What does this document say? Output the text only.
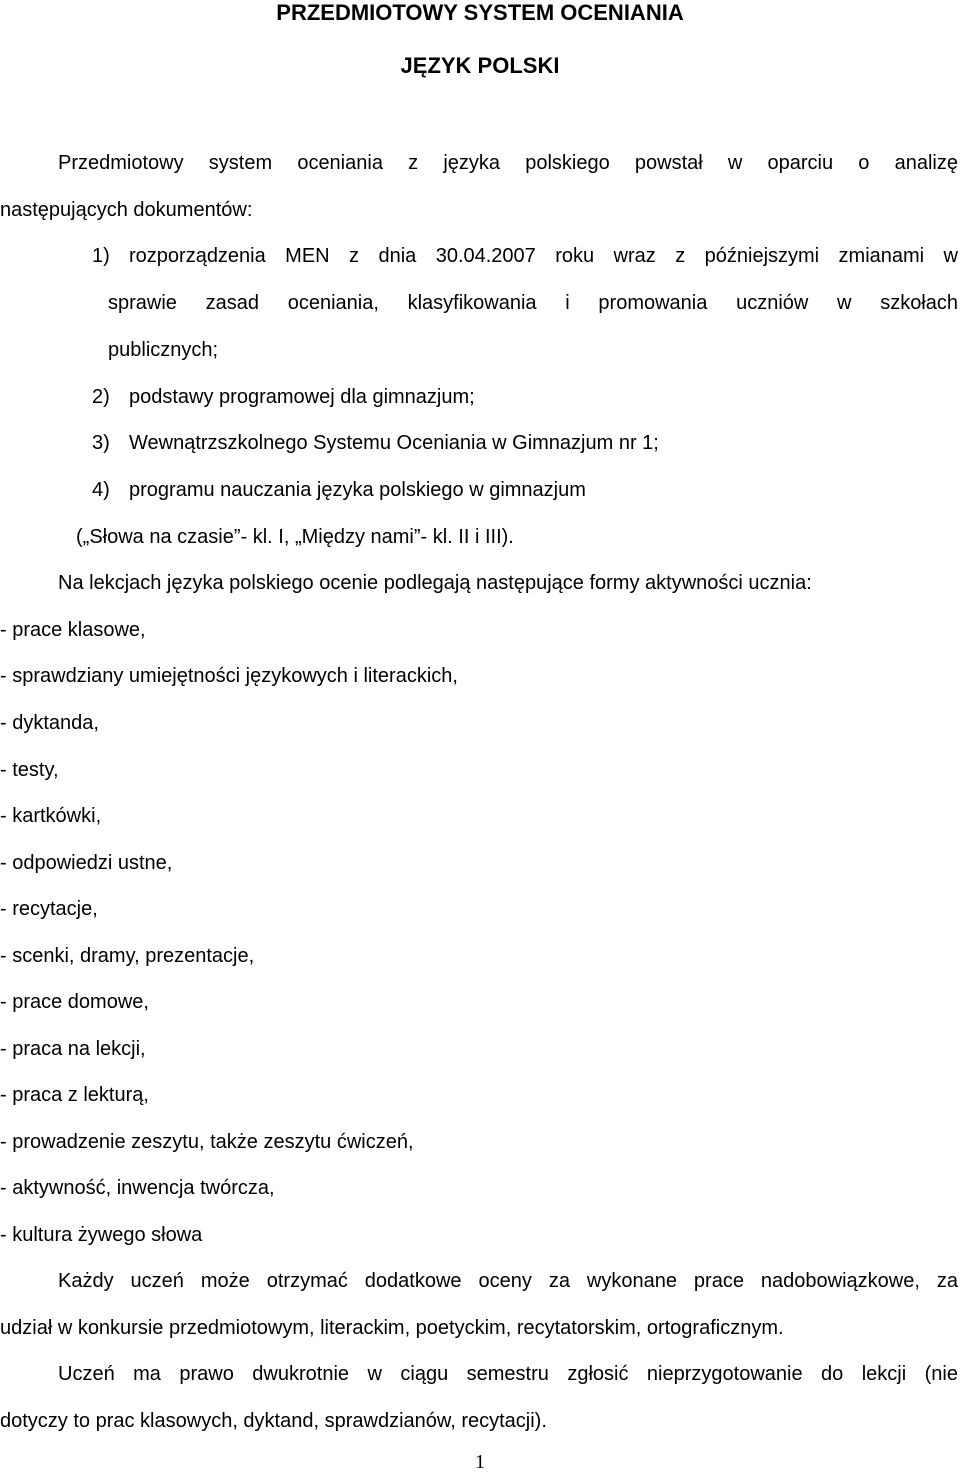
PRZEDMIOTOWY SYSTEM OCENIANIA
JĘZYK POLSKI
Przedmiotowy system oceniania z języka polskiego powstał w oparciu o analizę
następujących dokumentów:
1) rozporządzenia MEN z dnia 30.04.2007 roku wraz z późniejszymi zmianami w
sprawie zasad oceniania, klasyfikowania i promowania uczniów w szkołach
publicznych;
2) podstawy programowej dla gimnazjum;
3) Wewnątrzszkolnego Systemu Oceniania w Gimnazjum nr 1;
4) programu nauczania języka polskiego w gimnazjum
(„Słowa na czasie”- kl. I, „Między nami”- kl. II i III).
Na lekcjach języka polskiego ocenie podlegają następujące formy aktywności ucznia:
- prace klasowe,
- sprawdziany umiejętności językowych i literackich,
- dyktanda,
- testy,
- kartkówki,
- odpowiedzi ustne,
- recytacje,
- scenki, dramy, prezentacje,
- prace domowe,
- praca na lekcji,
- praca z lekturą,
- prowadzenie zeszytu, także zeszytu ćwiczeń,
- aktywność, inwencja twórcza,
- kultura żywego słowa
Każdy uczeń może otrzymać dodatkowe oceny za wykonane prace nadobowiązkowe, za
udział w konkursie przedmiotowym, literackim, poetyckim, recytatorskim, ortograficznym.
Uczeń ma prawo dwukrotnie w ciągu semestru zgłosić nieprzygotowanie do lekcji (nie
dotyczy to prac klasowych, dyktand, sprawdzianów, recytacji).
1
